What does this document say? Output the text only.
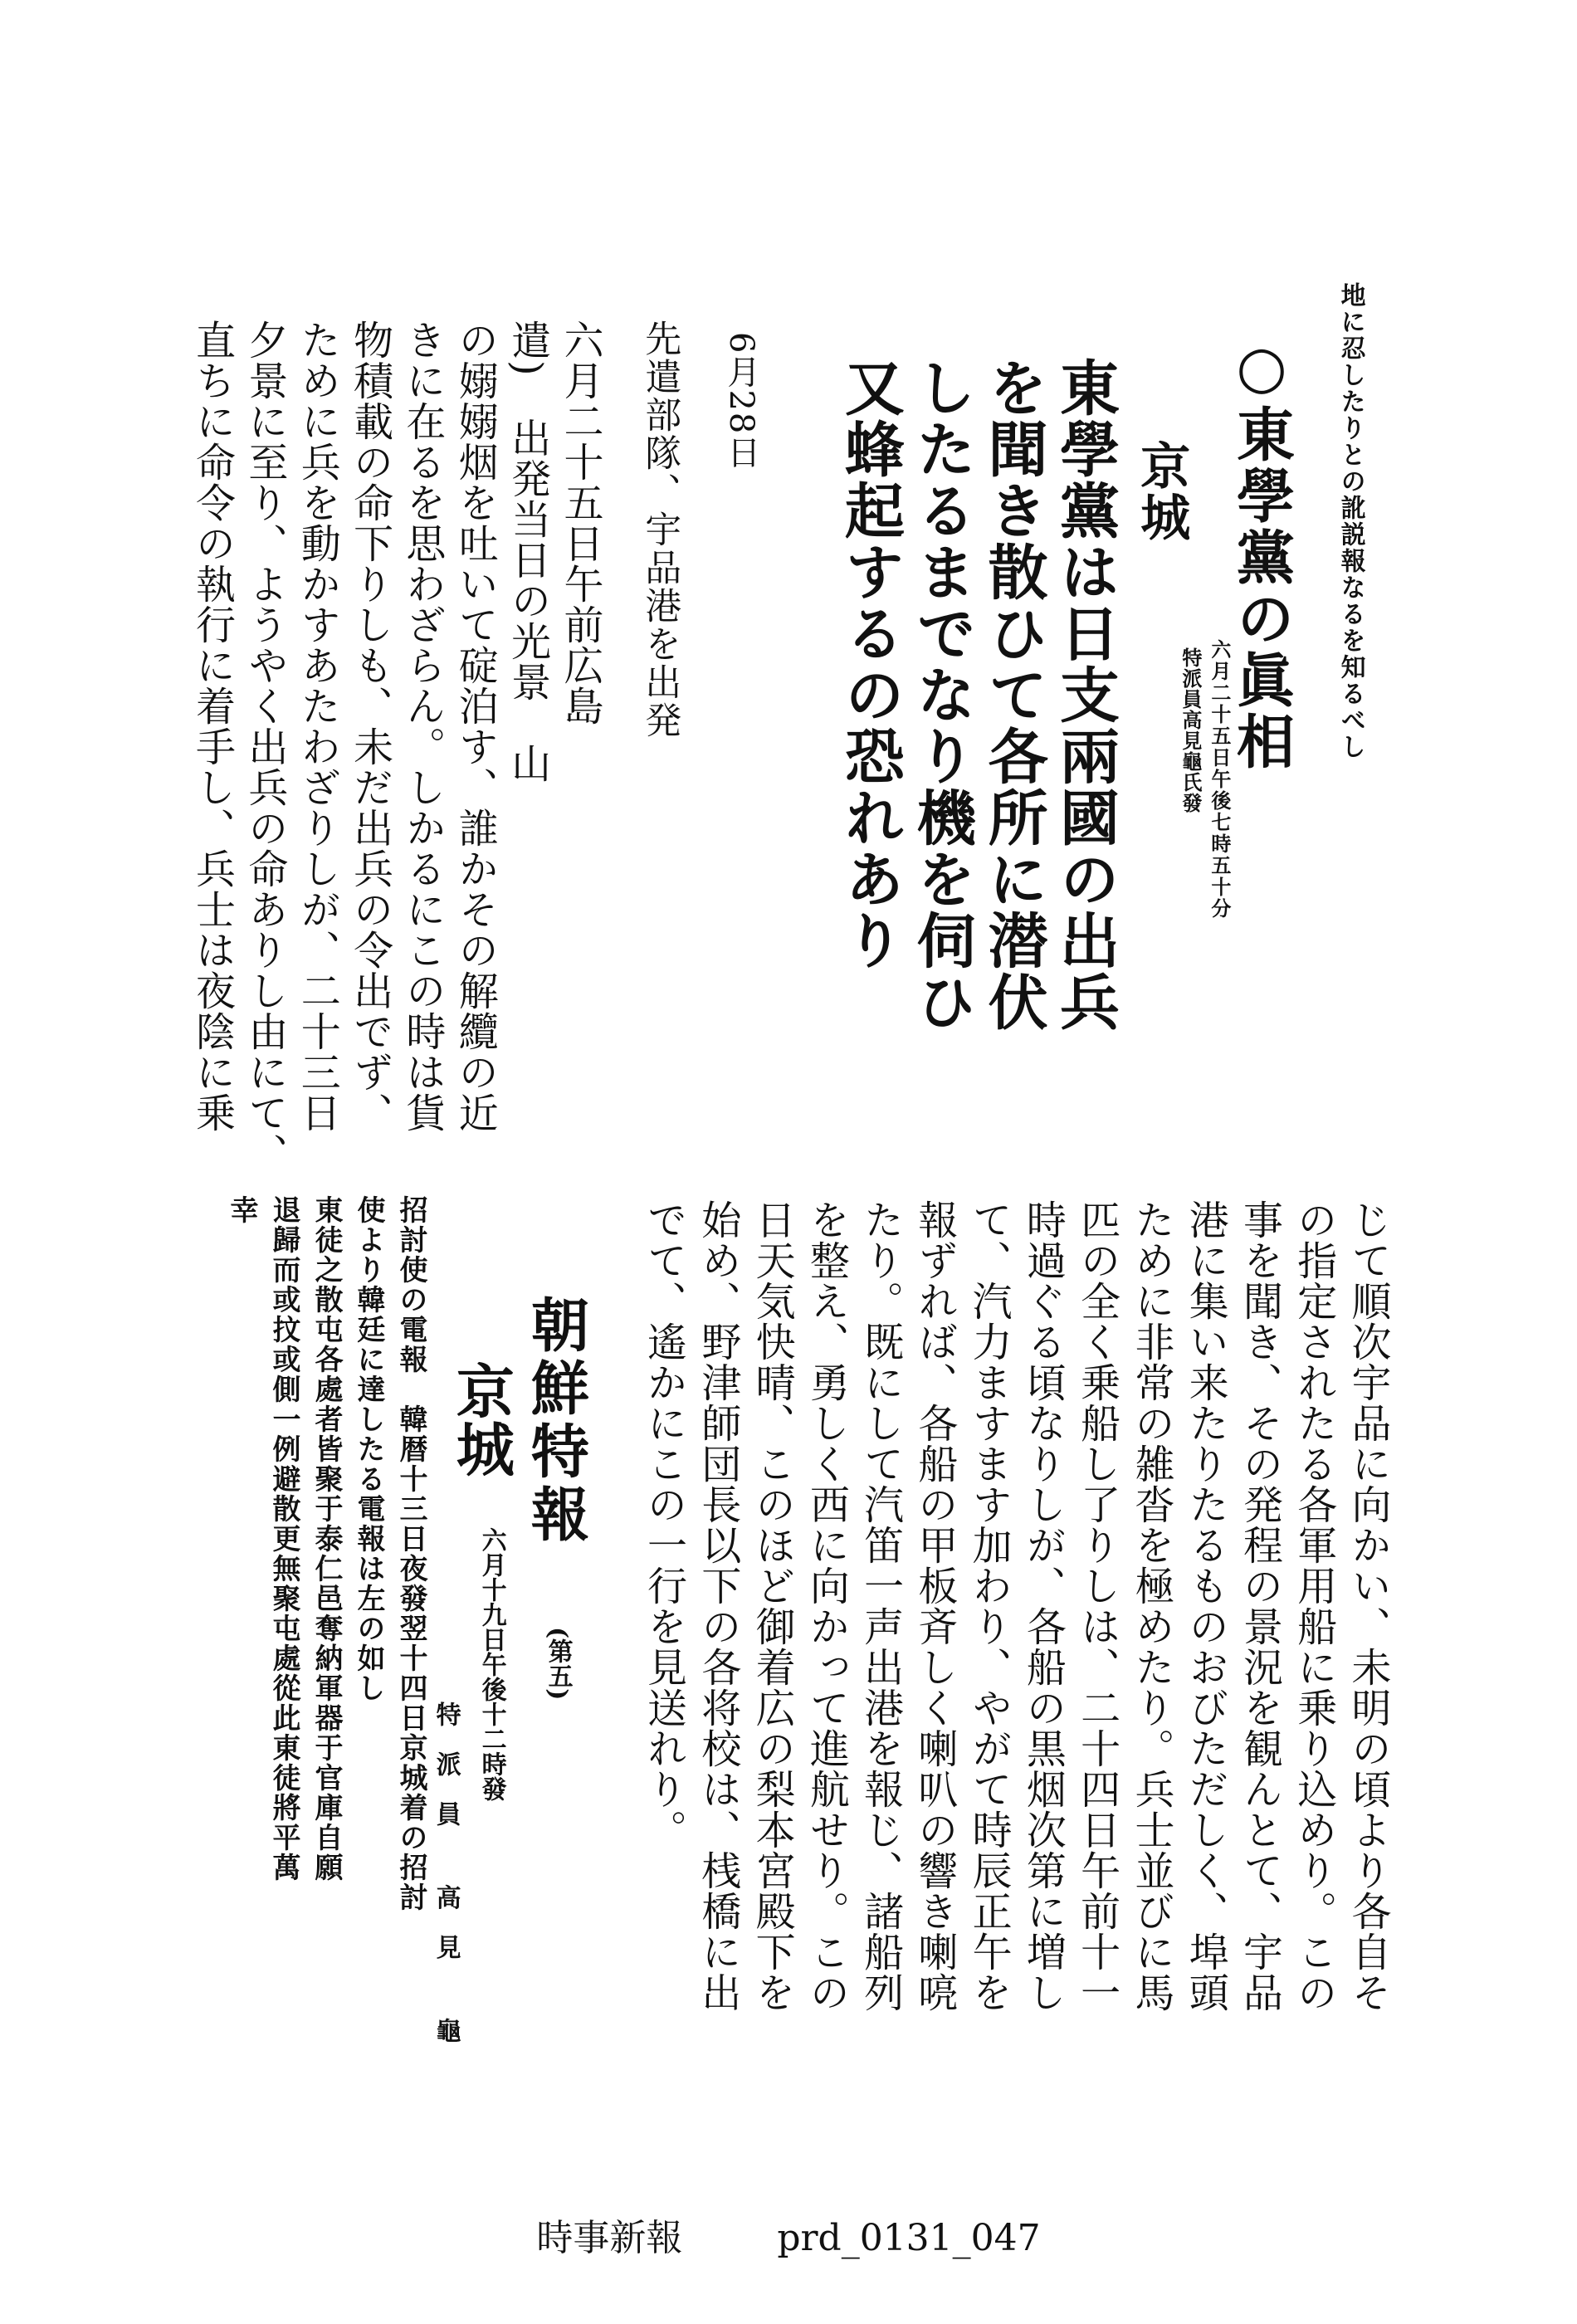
地に忍したりとの訛説報なるを知るべし
○東學黨の眞相
京城
六月二十五日午後七時五十分
特派員高見龜氏發
東學黨は日支兩國の出兵
を聞き散ひて各所に潜伏
したるまでなり機を伺ひ
又蜂起するの恐れあり
6月28日
先遣部隊、宇品港を出発
六月二十五日午前広島
遣)　出発当日の光景　山
の嫋嫋烟を吐いて碇泊す、誰かその解纜の近
きに在るを思わざらん。しかるにこの時は貨
物積載の命下りしも、未だ出兵の令出でず、
ために兵を動かすあたわざりしが、二十三日
夕景に至り、ようやく出兵の命ありし由にて、
直ちに命令の執行に着手し、兵士は夜陰に乗
じて順次宇品に向かい、未明の頃より各自そ
の指定されたる各軍用船に乗り込めり。この
事を聞き、その発程の景況を観んとて、宇品
港に集い来たりたるものおびただしく、埠頭
ために非常の雑沓を極めたり。兵士並びに馬
匹の全く乗船し了りしは、二十四日午前十一
時過ぐる頃なりしが、各船の黒烟次第に増し
て、汽力ますます加わり、やがて時辰正午を
報ずれば、各船の甲板斉しく喇叭の響き喇喨
たり。既にして汽笛一声出港を報じ、諸船列
を整え、勇しく西に向かって進航せり。この
日天気快晴、このほど御着広の梨本宮殿下を
始め、野津師団長以下の各将校は、桟橋に出
でて、遙かにこの一行を見送れり。
朝鮮特報
(第五)
京城
六月十九日午後十二時發
特派員 高見 龜
招討使の電報　韓暦十三日夜發翌十四日京城着の招討
使より韓廷に達したる電報は左の如し
東徒之散屯各處者皆聚于泰仁邑奪納軍器于官庫自願
退歸而或抆或側一例避散更無聚屯處從此東徒將平萬
幸
時事新報	prd_0131_047
